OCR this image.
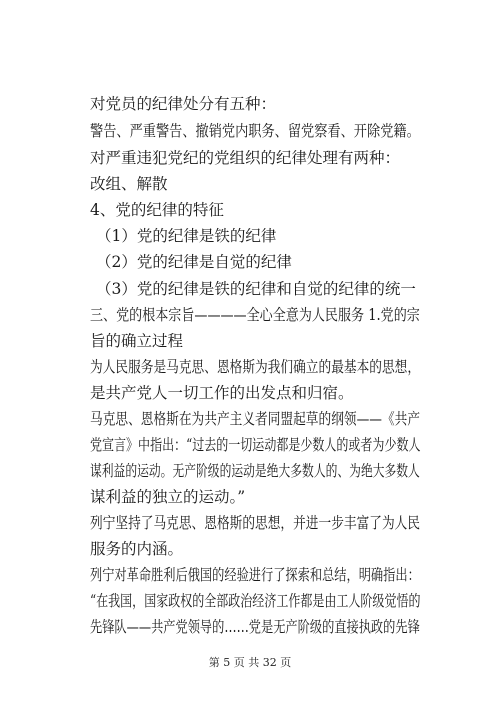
对党员的纪律处分有五种：
警告、严重警告、撤销党内职务、留党察看、开除党籍。
对严重违犯党纪的党组织的纪律处理有两种：
改组、解散
4、党的纪律的特征
（1）党的纪律是铁的纪律
（2）党的纪律是自觉的纪律
（3）党的纪律是铁的纪律和自觉的纪律的统一
三、党的根本宗旨————全心全意为人民服务 1.党的宗
旨的确立过程
为人民服务是马克思、恩格斯为我们确立的最基本的思想，
是共产党人一切工作的出发点和归宿。
马克思、恩格斯在为共产主义者同盟起草的纲领——《共产
党宣言》中指出：“过去的一切运动都是少数人的或者为少数人
谋利益的运动。无产阶级的运动是绝大多数人的、为绝大多数人
谋利益的独立的运动。”
列宁坚持了马克思、恩格斯的思想，并进一步丰富了为人民
服务的内涵。
列宁对革命胜利后俄国的经验进行了探索和总结，明确指出：
“在我国，国家政权的全部政治经济工作都是由工人阶级觉悟的
先锋队——共产党领导的……党是无产阶级的直接执政的先锋
第 5 页 共 32 页
